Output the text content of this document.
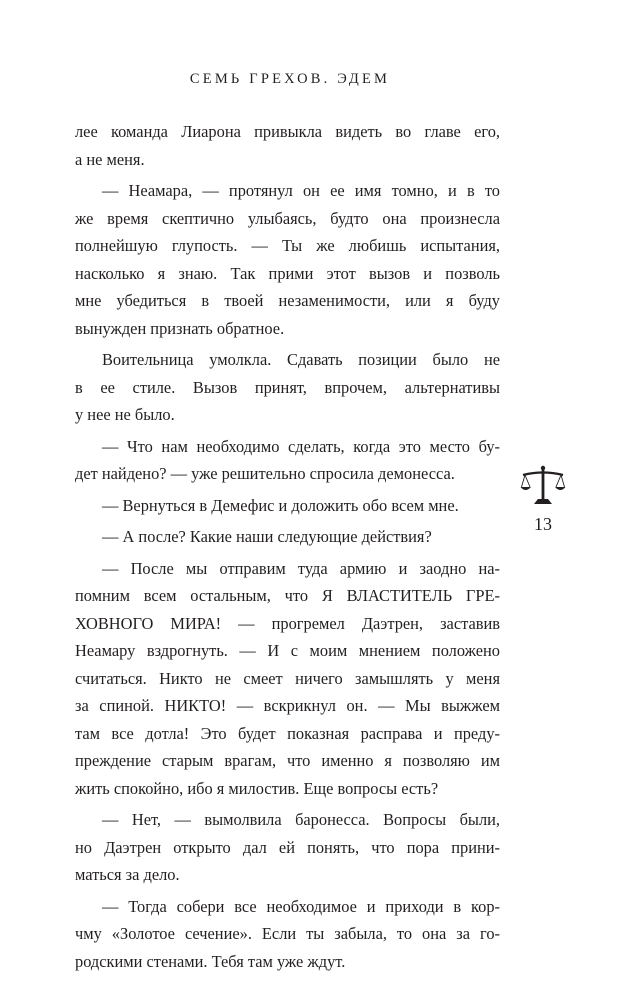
СЕМЬ ГРЕХОВ. ЭДЕМ
лее команда Лиарона привыкла видеть во главе его,
а не меня.
— Неамара, — протянул он ее имя томно, и в то
же время скептично улыбаясь, будто она произнесла
полнейшую глупость. — Ты же любишь испытания,
насколько я знаю. Так прими этот вызов и позволь
мне убедиться в твоей незаменимости, или я буду
вынужден признать обратное.
Воительница умолкла. Сдавать позиции было не
в ее стиле. Вызов принят, впрочем, альтернативы
у нее не было.
— Что нам необходимо сделать, когда это место бу-
дет найдено? — уже решительно спросила демонесса.
— Вернуться в Демефис и доложить обо всем мне.
— А после? Какие наши следующие действия?
— После мы отправим туда армию и заодно на-
помним всем остальным, что Я ВЛАСТИТЕЛЬ ГРЕ-
ХОВНОГО МИРА! — прогремел Даэтрен, заставив
Неамару вздрогнуть. — И с моим мнением положено
считаться. Никто не смеет ничего замышлять у меня
за спиной. НИКТО! — вскрикнул он. — Мы выжжем
там все дотла! Это будет показная расправа и преду-
преждение старым врагам, что именно я позволяю им
жить спокойно, ибо я милостив. Еще вопросы есть?
— Нет, — вымолвила баронесса. Вопросы были,
но Даэтрен открыто дал ей понять, что пора прини-
маться за дело.
— Тогда собери все необходимое и приходи в кор-
чму «Золотое сечение». Если ты забыла, то она за го-
родскими стенами. Тебя там уже ждут.
13
